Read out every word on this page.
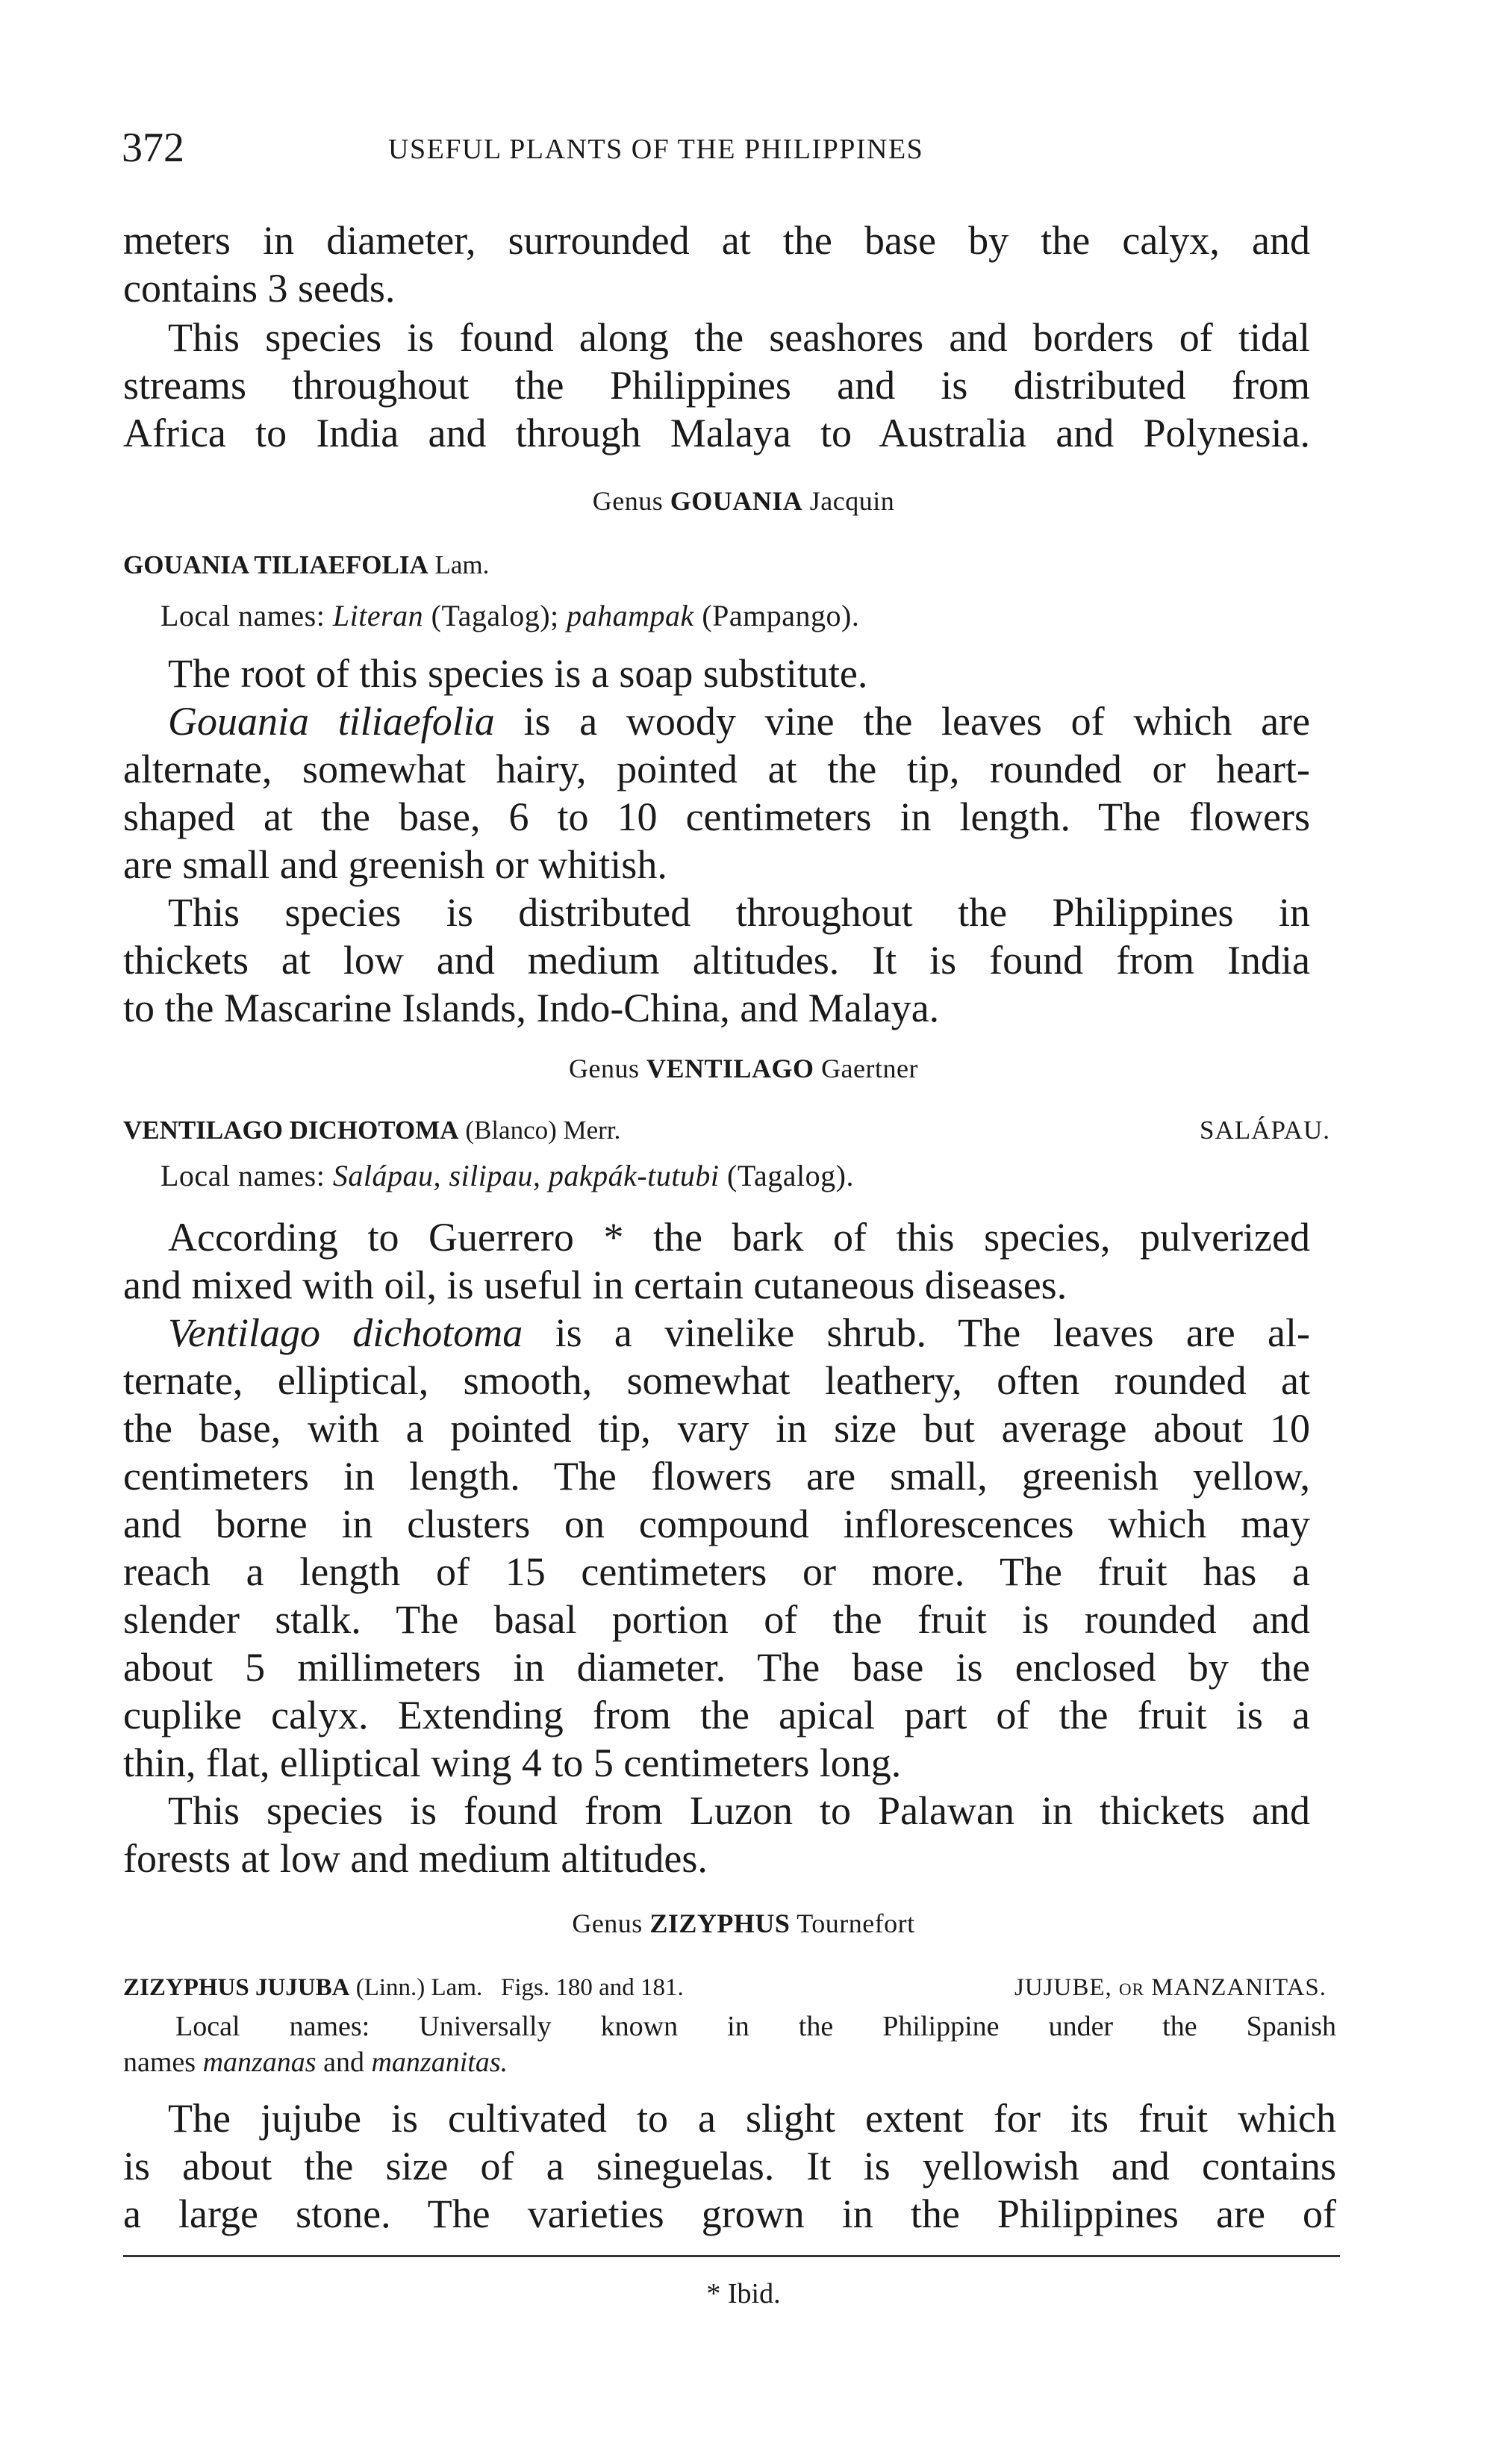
372	USEFUL PLANTS OF THE PHILIPPINES
meters in diameter, surrounded at the base by the calyx, and
contains 3 seeds.
This species is found along the seashores and borders of tidal
streams throughout the Philippines and is distributed from
Africa to India and through Malaya to Australia and Polynesia.
Genus GOUANIA Jacquin
GOUANIA TILIAEFOLIA Lam.
Local names: Literan (Tagalog); pahampak (Pampango).
The root of this species is a soap substitute.
Gouania tiliaefolia is a woody vine the leaves of which are
alternate, somewhat hairy, pointed at the tip, rounded or heart-
shaped at the base, 6 to 10 centimeters in length. The flowers
are small and greenish or whitish.
This species is distributed throughout the Philippines in
thickets at low and medium altitudes. It is found from India
to the Mascarine Islands, Indo-China, and Malaya.
Genus VENTILAGO Gaertner
VENTILAGO DICHOTOMA (Blanco) Merr.	SALÁPAU.
Local names: Salápau, silipau, pakpák-tutubi (Tagalog).
According to Guerrero * the bark of this species, pulverized
and mixed with oil, is useful in certain cutaneous diseases.
Ventilago dichotoma is a vinelike shrub. The leaves are al-
ternate, elliptical, smooth, somewhat leathery, often rounded at
the base, with a pointed tip, vary in size but average about 10
centimeters in length. The flowers are small, greenish yellow,
and borne in clusters on compound inflorescences which may
reach a length of 15 centimeters or more. The fruit has a
slender stalk. The basal portion of the fruit is rounded and
about 5 millimeters in diameter. The base is enclosed by the
cuplike calyx. Extending from the apical part of the fruit is a
thin, flat, elliptical wing 4 to 5 centimeters long.
This species is found from Luzon to Palawan in thickets and
forests at low and medium altitudes.
Genus ZIZYPHUS Tournefort
ZIZYPHUS JUJUBA (Linn.) Lam. Figs. 180 and 181.	JUJUBE, or MANZANITAS.
Local names: Universally known in the Philippine under the Spanish
names manzanas and manzanitas.
The jujube is cultivated to a slight extent for its fruit which
is about the size of a sineguelas. It is yellowish and contains
a large stone. The varieties grown in the Philippines are of
* Ibid.
